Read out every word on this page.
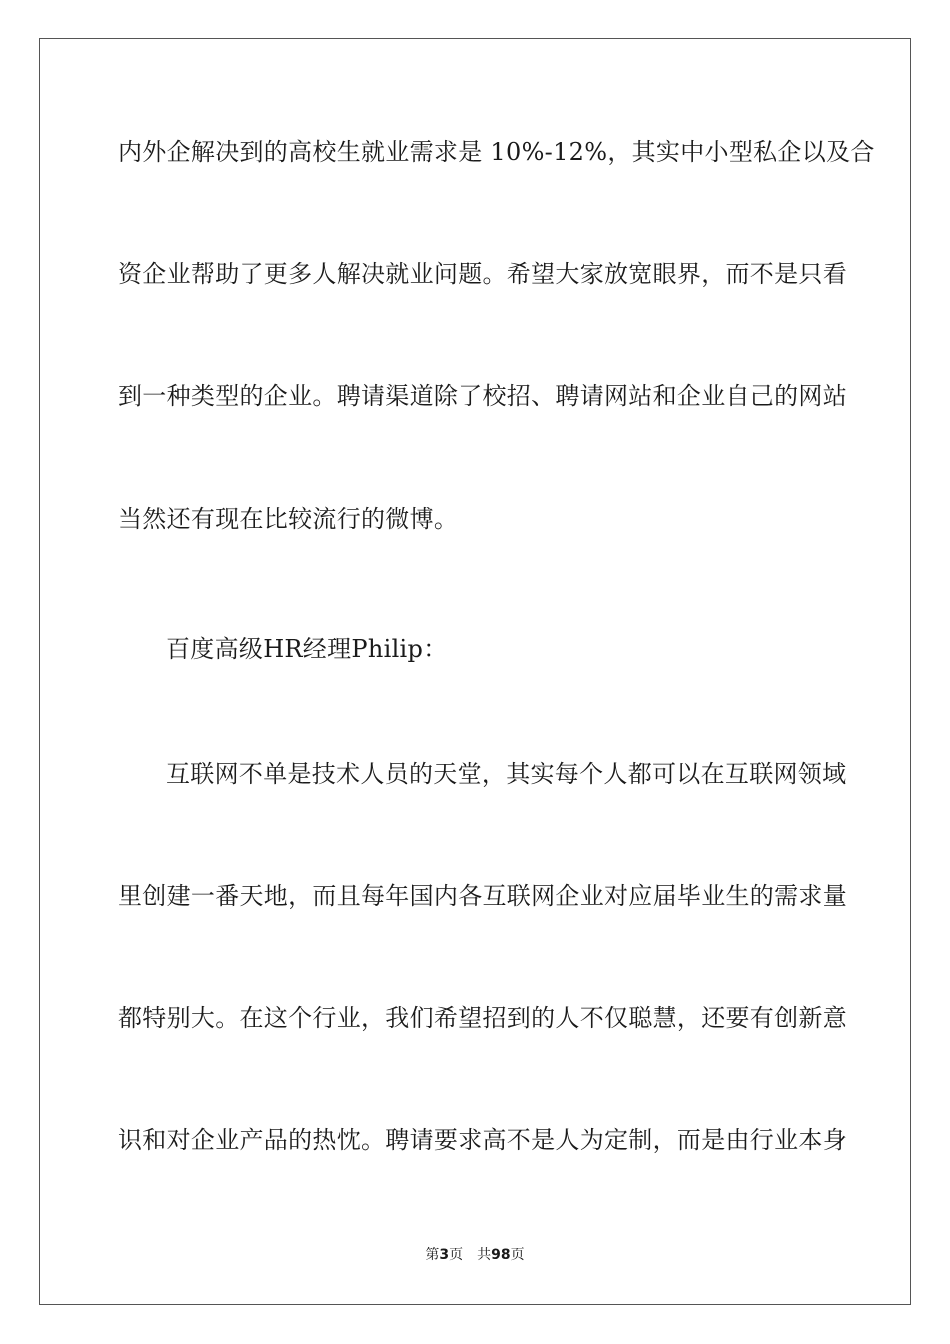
内外企解决到的高校生就业需求是 10%-12%，其实中小型私企以及合
资企业帮助了更多人解决就业问题。希望大家放宽眼界，而不是只看
到一种类型的企业。聘请渠道除了校招、聘请网站和企业自己的网站
当然还有现在比较流行的微博。
百度高级HR经理Philip：
互联网不单是技术人员的天堂，其实每个人都可以在互联网领域
里创建一番天地，而且每年国内各互联网企业对应届毕业生的需求量
都特别大。在这个行业，我们希望招到的人不仅聪慧，还要有创新意
识和对企业产品的热忱。聘请要求高不是人为定制，而是由行业本身
第3页 共98页
